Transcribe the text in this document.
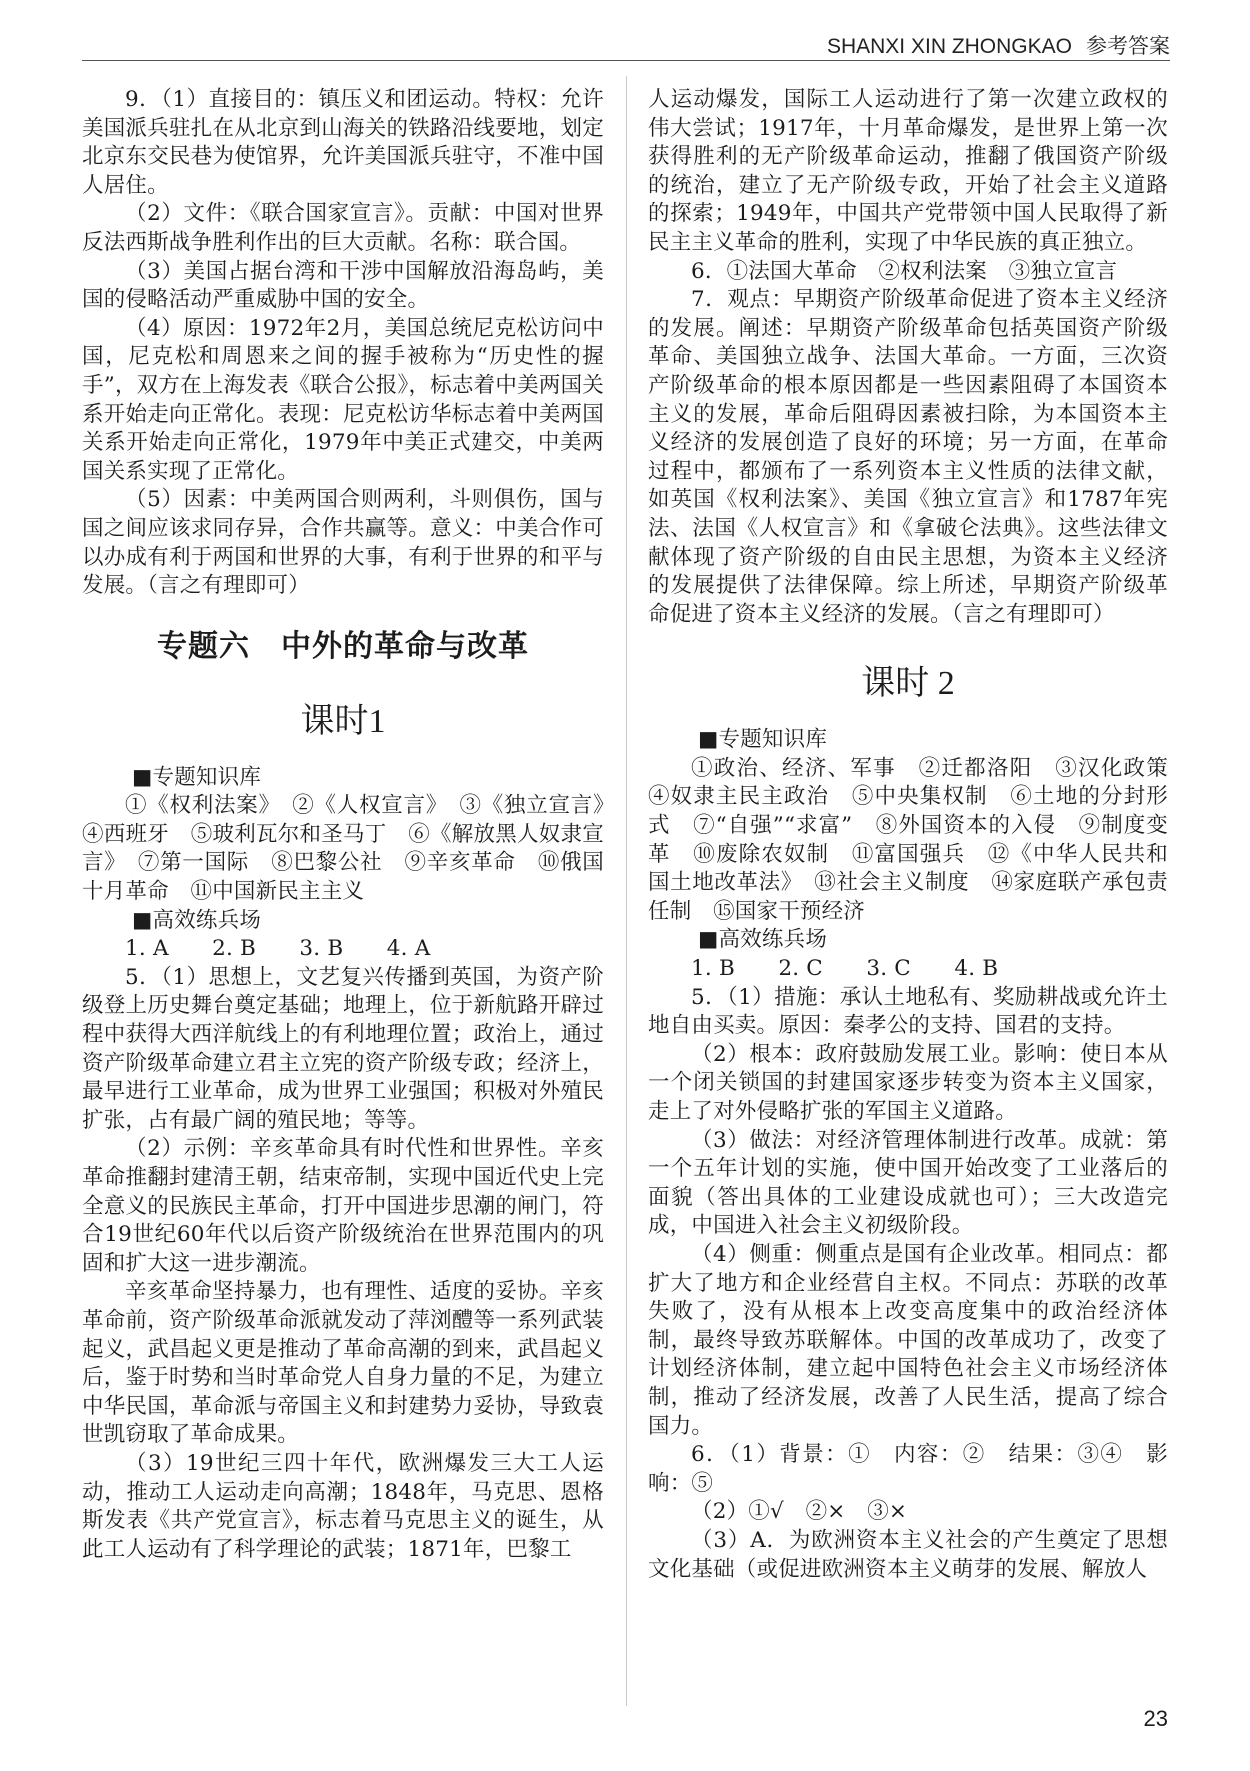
SHANXI XIN ZHONGKAO 参考答案

9．（1）直接目的：镇压义和团运动。特权：允许美国派兵驻扎在从北京到山海关的铁路沿线要地，划定北京东交民巷为使馆界，允许美国派兵驻守，不准中国人居住。

（2）文件：《联合国家宣言》。贡献：中国对世界反法西斯战争胜利作出的巨大贡献。名称：联合国。

（3）美国占据台湾和干涉中国解放沿海岛屿，美国的侵略活动严重威胁中国的安全。

（4）原因：1972年2月，美国总统尼克松访问中国，尼克松和周恩来之间的握手被称为“历史性的握手”，双方在上海发表《联合公报》，标志着中美两国关系开始走向正常化。表现：尼克松访华标志着中美两国关系开始走向正常化，1979年中美正式建交，中美两国关系实现了正常化。

（5）因素：中美两国合则两利，斗则俱伤，国与国之间应该求同存异，合作共赢等。意义：中美合作可以办成有利于两国和世界的大事，有利于世界的和平与发展。（言之有理即可）

专题六　中外的革命与改革
课时1

■专题知识库

①《权利法案》　②《人权宣言》　③《独立宣言》　④西班牙　⑤玻利瓦尔和圣马丁　⑥《解放黑人奴隶宣言》　⑦第一国际　⑧巴黎公社　⑨辛亥革命　⑩俄国十月革命　⑪中国新民主主义

■高效练兵场

1. A　　2. B　　3. B　　4. A

5．（1）思想上，文艺复兴传播到英国，为资产阶级登上历史舞台奠定基础；地理上，位于新航路开辟过程中获得大西洋航线上的有利地理位置；政治上，通过资产阶级革命建立君主立宪的资产阶级专政；经济上，最早进行工业革命，成为世界工业强国；积极对外殖民扩张，占有最广阔的殖民地；等等。

（2）示例：辛亥革命具有时代性和世界性。辛亥革命推翻封建清王朝，结束帝制，实现中国近代史上完全意义的民族民主革命，打开中国进步思潮的闸门，符合19世纪60年代以后资产阶级统治在世界范围内的巩固和扩大这一进步潮流。

辛亥革命坚持暴力，也有理性、适度的妥协。辛亥革命前，资产阶级革命派就发动了萍浏醴等一系列武装起义，武昌起义更是推动了革命高潮的到来，武昌起义后，鉴于时势和当时革命党人自身力量的不足，为建立中华民国，革命派与帝国主义和封建势力妥协，导致袁世凯窃取了革命成果。

（3）19世纪三四十年代，欧洲爆发三大工人运动，推动工人运动走向高潮；1848年，马克思、恩格斯发表《共产党宣言》，标志着马克思主义的诞生，从此工人运动有了科学理论的武装；1871年，巴黎工

人运动爆发，国际工人运动进行了第一次建立政权的伟大尝试；1917年，十月革命爆发，是世界上第一次获得胜利的无产阶级革命运动，推翻了俄国资产阶级的统治，建立了无产阶级专政，开始了社会主义道路的探索；1949年，中国共产党带领中国人民取得了新民主主义革命的胜利，实现了中华民族的真正独立。

6．①法国大革命　②权利法案　③独立宣言

7．观点：早期资产阶级革命促进了资本主义经济的发展。阐述：早期资产阶级革命包括英国资产阶级革命、美国独立战争、法国大革命。一方面，三次资产阶级革命的根本原因都是一些因素阻碍了本国资本主义的发展，革命后阻碍因素被扫除，为本国资本主义经济的发展创造了良好的环境；另一方面，在革命过程中，都颁布了一系列资本主义性质的法律文献，如英国《权利法案》、美国《独立宣言》和1787年宪法、法国《人权宣言》和《拿破仑法典》。这些法律文献体现了资产阶级的自由民主思想，为资本主义经济的发展提供了法律保障。综上所述，早期资产阶级革命促进了资本主义经济的发展。（言之有理即可）

课时 2

■专题知识库

①政治、经济、军事　②迁都洛阳　③汉化政策　④奴隶主民主政治　⑤中央集权制　⑥土地的分封形式　⑦“自强”“求富”　⑧外国资本的入侵　⑨制度变革　⑩废除农奴制　⑪富国强兵　⑫《中华人民共和国土地改革法》　⑬社会主义制度　⑭家庭联产承包责任制　⑮国家干预经济

■高效练兵场

1. B　　2. C　　3. C　　4. B

5．（1）措施：承认土地私有、奖励耕战或允许土地自由买卖。原因：秦孝公的支持、国君的支持。

（2）根本：政府鼓励发展工业。影响：使日本从一个闭关锁国的封建国家逐步转变为资本主义国家，走上了对外侵略扩张的军国主义道路。

（3）做法：对经济管理体制进行改革。成就：第一个五年计划的实施，使中国开始改变了工业落后的面貌（答出具体的工业建设成就也可）；三大改造完成，中国进入社会主义初级阶段。

（4）侧重：侧重点是国有企业改革。相同点：都扩大了地方和企业经营自主权。不同点：苏联的改革失败了，没有从根本上改变高度集中的政治经济体制，最终导致苏联解体。中国的改革成功了，改变了计划经济体制，建立起中国特色社会主义市场经济体制，推动了经济发展，改善了人民生活，提高了综合国力。

6．（1）背景：①　内容：②　结果：③④　影响：⑤

（2）①√　②×　③×

（3）A．为欧洲资本主义社会的产生奠定了思想文化基础（或促进欧洲资本主义萌芽的发展、解放人

23
